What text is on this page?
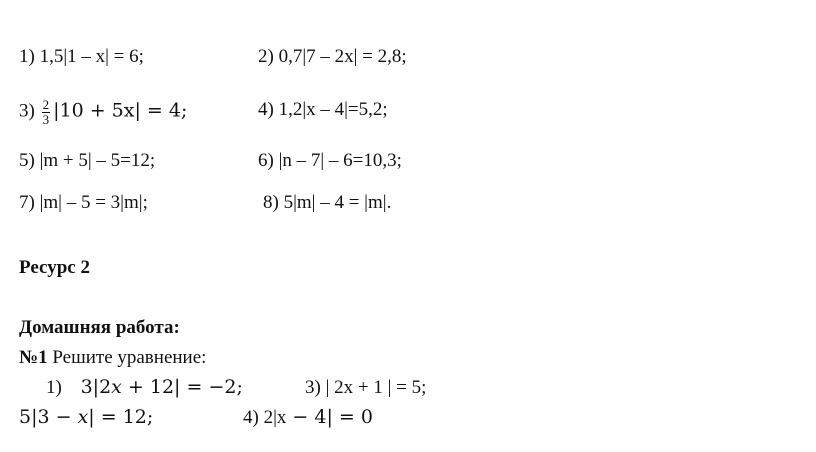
1) 1,5|1 – x| = 6;	2) 0,7|7 – 2x| = 2,8;
$3) \frac{2}{3} |10 + 5x| = 4$;	4) 1,2|x – 4|=5,2;
5) |m + 5| – 5=12;	6) |n – 7| – 6=10,3;
7) |m| – 5 = 3|m|;	8) 5|m| – 4 = |m|.
Ресурс 2
Домашняя работа:
№1 Решите уравнение:
1) 3|2𝑥 + 12| = −2;	3) | 2x + 1 | = 5;
5|3 − 𝑥| = 12;	4) 2|x − 4| = 0
